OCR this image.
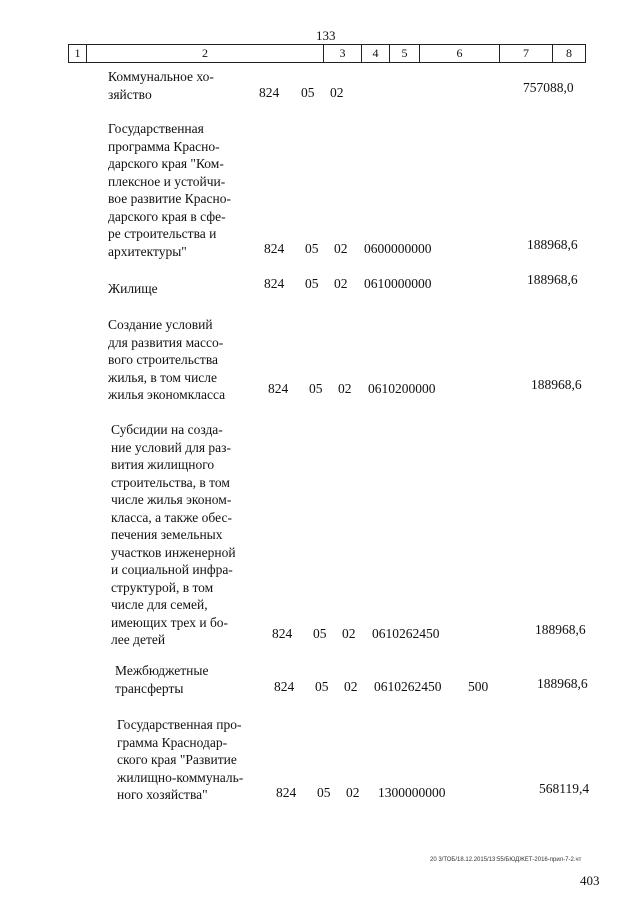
133
1	2	3	4	5	6	7	8
Коммунальное хо-
зяйство	824 05 02	757088,0
Государственная
программа Красно-
дарского края "Ком-
плексное и устойчи-
вое развитие Красно-
дарского края в сфе-
ре строительства и
архитектуры"	824 05 02 0600000000	188968,6
Жилище	824 05 02 0610000000	188968,6
Создание условий
для развития массо-
вого строительства
жилья, в том числе
жилья экономкласса	824 05 02 0610200000	188968,6
Субсидии на созда-
ние условий для раз-
вития жилищного
строительства, в том
числе жилья эконом-
класса, а также обес-
печения земельных
участков инженерной
и социальной инфра-
структурой, в том
числе для семей,
имеющих трех и бо-
лее детей	824 05 02 0610262450	188968,6
Межбюджетные
трансферты	824 05 02 0610262450 500	188968,6
Государственная про-
грамма Краснодар-
ского края "Развитие
жилищно-коммуналь-
ного хозяйства"	824 05 02 1300000000	568119,4
20 3/ТОБ/18.12.2015/13:55/БЮДЖЕТ-2016-прил-7-2.чт
403
